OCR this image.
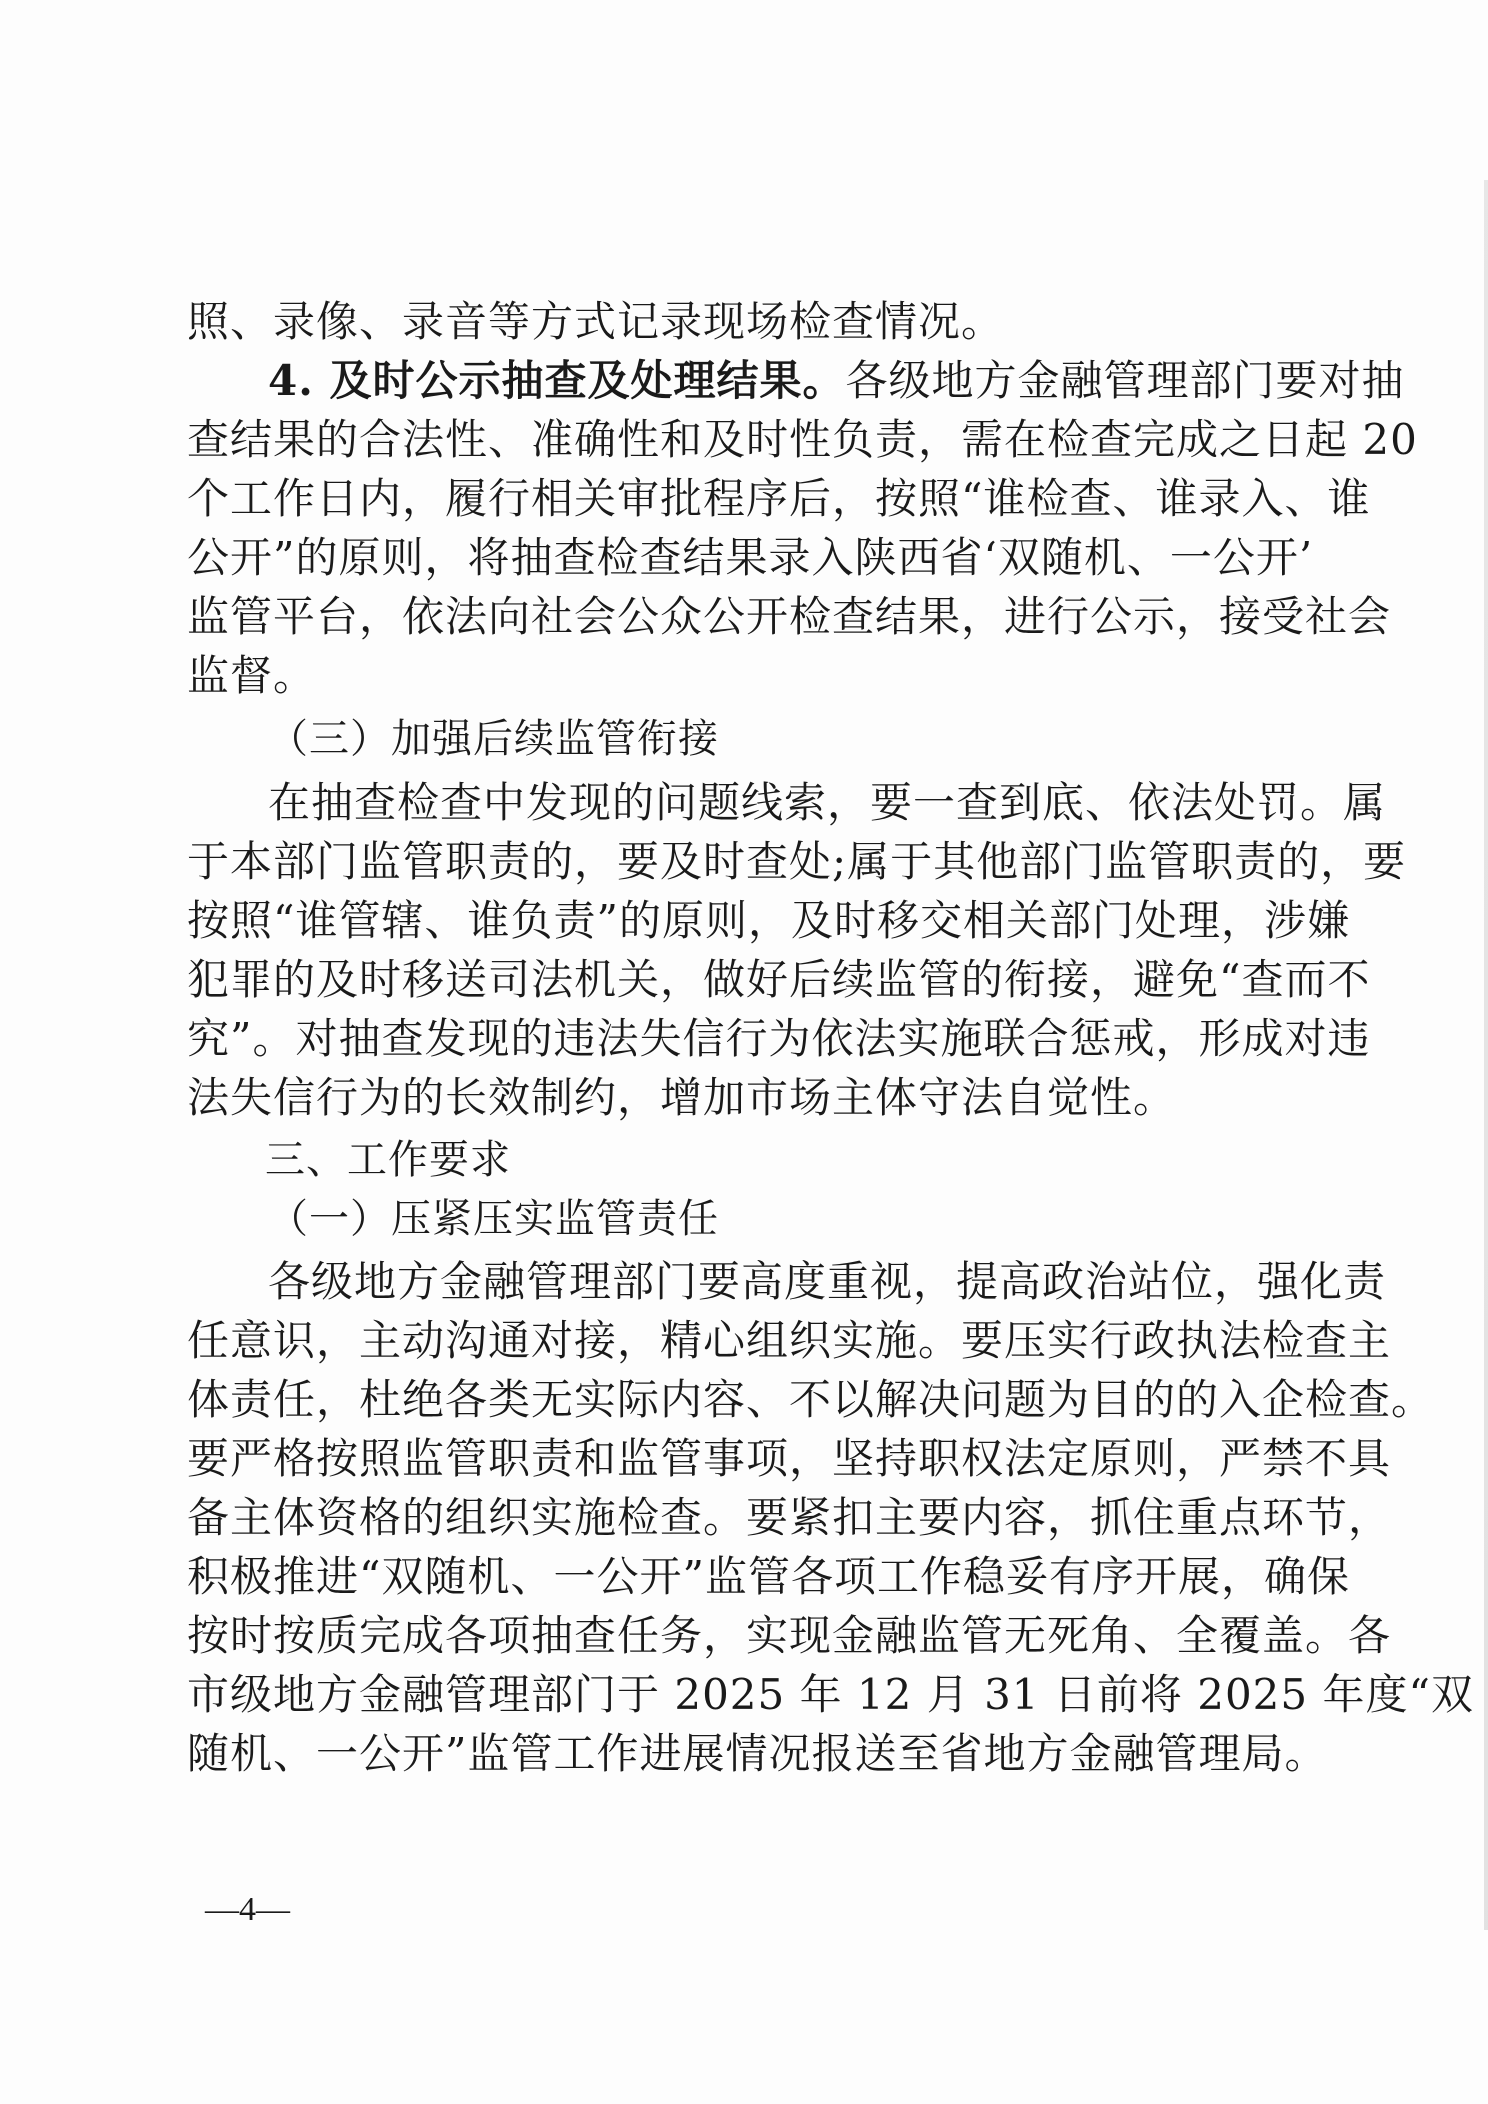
照、录像、录音等方式记录现场检查情况。
4. 及时公示抽查及处理结果。各级地方金融管理部门要对抽
查结果的合法性、准确性和及时性负责，需在检查完成之日起 20
个工作日内，履行相关审批程序后，按照“谁检查、谁录入、谁
公开”的原则，将抽查检查结果录入陕西省‘双随机、一公开’
监管平台，依法向社会公众公开检查结果，进行公示，接受社会
监督。
（三）加强后续监管衔接
在抽查检查中发现的问题线索，要一查到底、依法处罚。属
于本部门监管职责的，要及时查处;属于其他部门监管职责的，要
按照“谁管辖、谁负责”的原则，及时移交相关部门处理，涉嫌
犯罪的及时移送司法机关，做好后续监管的衔接，避免“查而不
究”。对抽查发现的违法失信行为依法实施联合惩戒，形成对违
法失信行为的长效制约，增加市场主体守法自觉性。
三、工作要求
（一）压紧压实监管责任
各级地方金融管理部门要高度重视，提高政治站位，强化责
任意识，主动沟通对接，精心组织实施。要压实行政执法检查主
体责任，杜绝各类无实际内容、不以解决问题为目的的入企检查。
要严格按照监管职责和监管事项，坚持职权法定原则，严禁不具
备主体资格的组织实施检查。要紧扣主要内容，抓住重点环节，
积极推进“双随机、一公开”监管各项工作稳妥有序开展，确保
按时按质完成各项抽查任务，实现金融监管无死角、全覆盖。各
市级地方金融管理部门于 2025 年 12 月 31 日前将 2025 年度“双
随机、一公开”监管工作进展情况报送至省地方金融管理局。
—4—
